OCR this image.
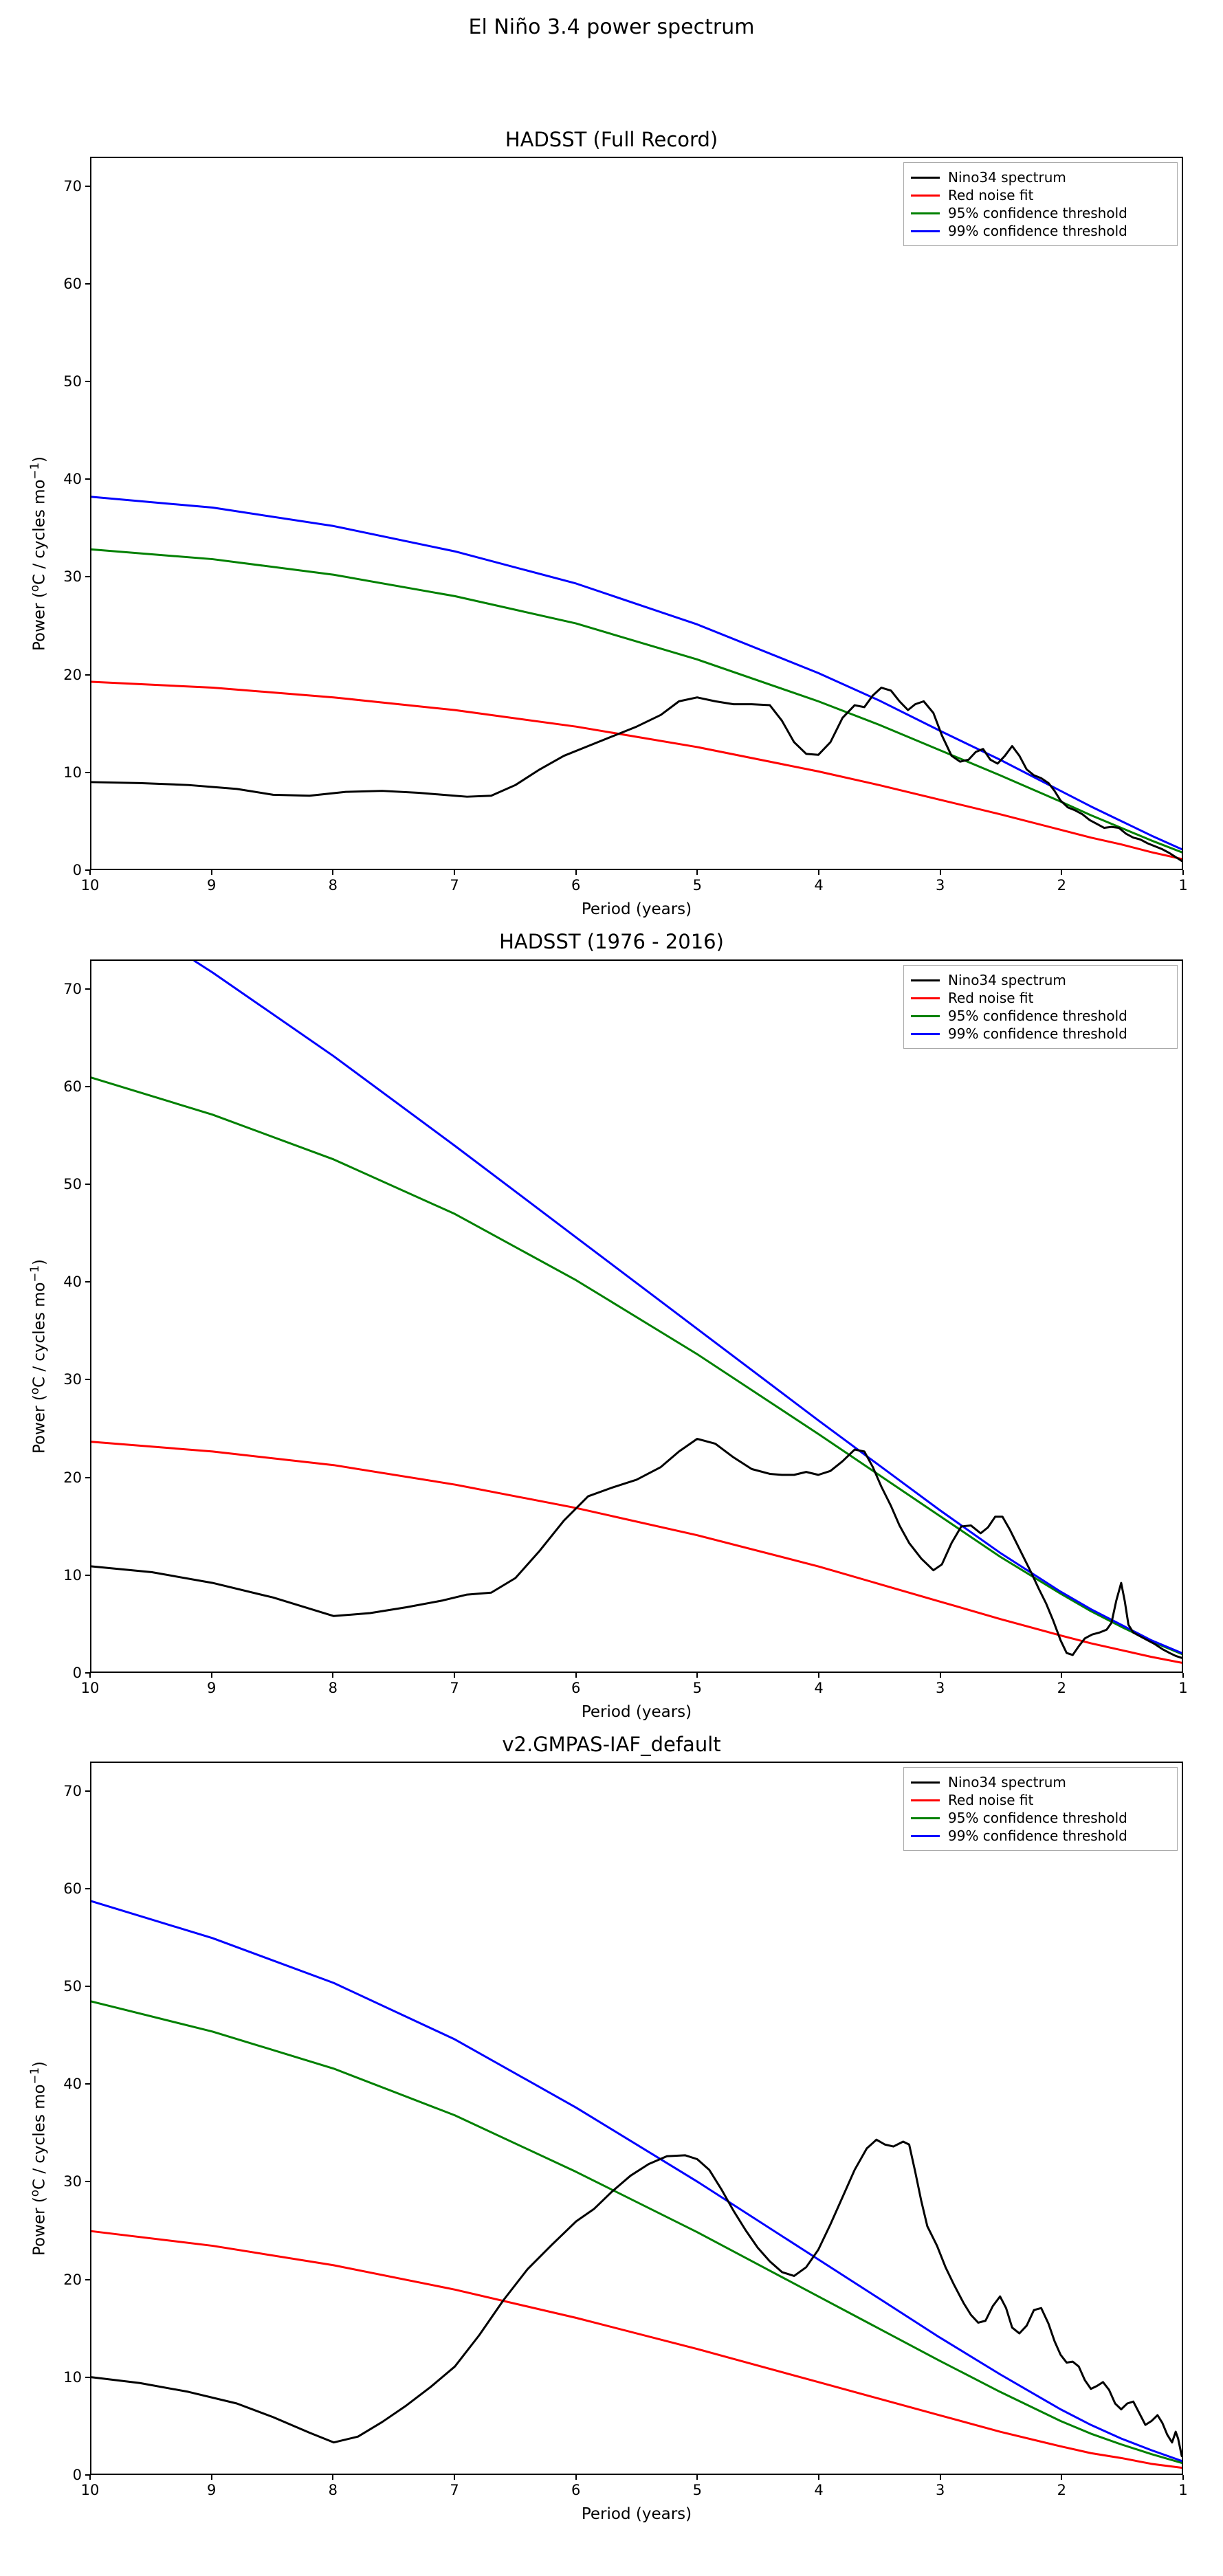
El Niño 3.4 power spectrum
HADSST (Full Record)
10	9	8	7	6	5	4	3	2	1
0
10
20
30
40
50
60
70
Period (years)
Power ($^o$C / cycles $mo^{-1}$)
Nino34 spectrum
Red noise fit
95% confidence threshold
99% confidence threshold
HADSST (1976 - 2016)
10	9	8	7	6	5	4	3	2	1
0
10
20
30
40
50
60
70
Period (years)
Power ($^o$C / cycles $mo^{-1}$)
Nino34 spectrum
Red noise fit
95% confidence threshold
99% confidence threshold
v2.GMPAS-IAF_default
10	9	8	7	6	5	4	3	2	1
0
10
20
30
40
50
60
70
Period (years)
Power ($^o$C / cycles $mo^{-1}$)
Nino34 spectrum
Red noise fit
95% confidence threshold
99% confidence threshold
